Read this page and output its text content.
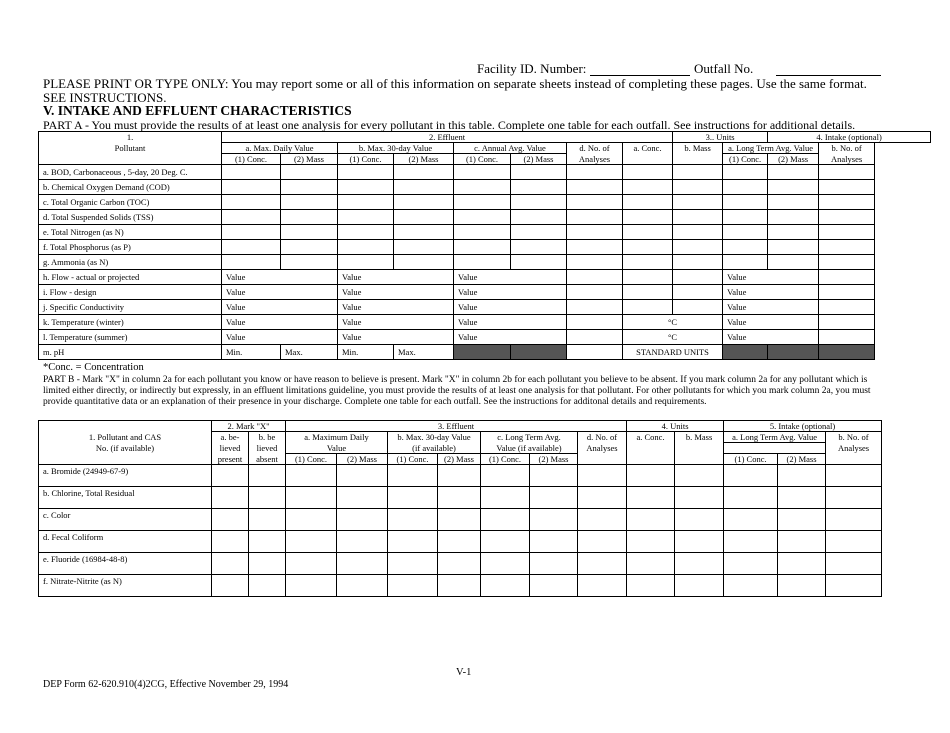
Facility ID. Number:	Outfall No.
PLEASE PRINT OR TYPE ONLY: You may report some or all of this information on separate sheets instead of completing these pages. Use the same format.
SEE INSTRUCTIONS.
V. INTAKE AND EFFLUENT CHARACTERISTICS
PART A - You must provide the results of at least one analysis for every pollutant in this table. Complete one table for each outfall. See instructions for additional details.
1.	2. Effluent								3.. Units		4. Intake (optional)	
Pollutant	a. Max. Daily Value		b. Max. 30-day Value		c. Annual Avg. Value		d. No. of	a. Conc.	b. Mass	a. Long Term Avg. Value		b. No. of
	(1) Conc.	(2) Mass	(1) Conc.	(2) Mass	(1) Conc.	(2) Mass	Analyses			(1) Conc.	(2) Mass	Analyses
a. BOD, Carbonaceous , 5-day, 20 Deg. C.												
b. Chemical Oxygen Demand (COD)												
c. Total Organic Carbon (TOC)												
d. Total Suspended Solids (TSS)												
e. Total Nitrogen (as N)												
f. Total Phosphorus (as P)												
g. Ammonia (as N)												
h. Flow - actual or projected	Value		Value		Value					Value		
i. Flow - design	Value		Value		Value					Value		
j. Specific Conductivity	Value		Value		Value					Value		
k. Temperature (winter)	Value		Value		Value			°C		Value		
l. Temperature (summer)	Value		Value		Value			°C		Value		
m. pH	Min.	Max.	Min.	Max.				STANDARD UNITS				
*Conc. = Concentration
PART B - Mark "X" in column 2a for each pollutant you know or have reason to believe is present. Mark "X" in column 2b for each pollutant you believe to be absent. If you mark column 2a for any pollutant which is limited either directly, or indirectly but expressly, in an effluent limitations guideline, you must provide the results of at least one analysis for that pollutant. For other pollutants for which you mark column 2a, you must provide quantitative data or an explanation of their presence in your discharge. Complete one table for each outfall. See the instructions for additonal details and requirements.
	2. Mark "X"		3. Effluent							4. Units		5. Intake (optional)		
1. Pollutant and CAS	a. be-	b. be	a. Maximum Daily		b. Max. 30-day Value		c. Long Term Avg.		d. No. of	a. Conc.	b. Mass	a. Long Term Avg. Value		b. No. of
No. (if available)	lieved	lieved	Value		(if available)		Value (if available)		Analyses					Analyses
	present	absent	(1) Conc.	(2) Mass	(1) Conc.	(2) Mass	(1) Conc.	(2) Mass				(1) Conc.	(2) Mass	
a. Bromide (24949-67-9)														
b. Chlorine, Total Residual														
c. Color														
d. Fecal Coliform														
e. Fluoride (16984-48-8)														
f. Nitrate-Nitrite (as N)														
V-1
DEP Form 62-620.910(4)2CG, Effective November 29, 1994
